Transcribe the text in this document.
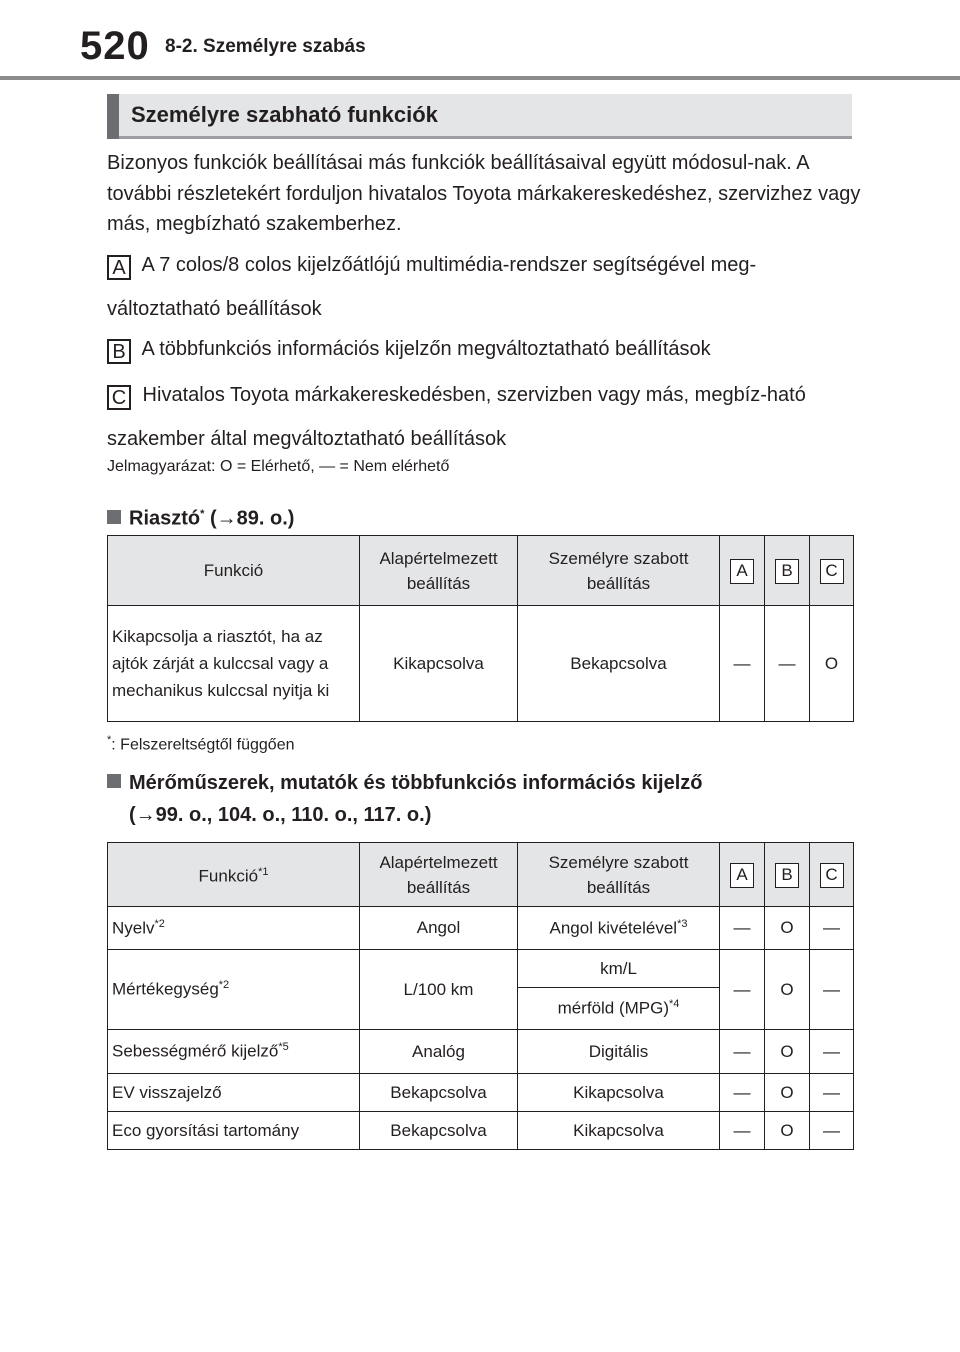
520 8-2. Személyre szabás
Személyre szabható funkciók
Bizonyos funkciók beállításai más funkciók beállításaival együtt módosul-nak. A további részletekért forduljon hivatalos Toyota márkakereskedéshez, szervizhez vagy más, megbízható szakemberhez.
A A 7 colos/8 colos kijelzőátlójú multimédia-rendszer segítségével meg-változtatható beállítások
B A többfunkciós információs kijelzőn megváltoztatható beállítások
C Hivatalos Toyota márkakereskedésben, szervizben vagy más, megbíz-ható szakember által megváltoztatható beállítások
Jelmagyarázat: O = Elérhető, — = Nem elérhető
Riasztó* (→89. o.)
Funkció	Alapértelmezett beállítás	Személyre szabott beállítás	A	B	C
Kikapcsolja a riasztót, ha az ajtók zárját a kulccsal vagy a mechanikus kulccsal nyitja ki	Kikapcsolva	Bekapcsolva	—	—	O
*: Felszereltségtől függően
Mérőműszerek, mutatók és többfunkciós információs kijelző
(→99. o., 104. o., 110. o., 117. o.)
Funkció$^{*1}$	Alapértelmezett beállítás	Személyre szabott beállítás	A	B	C
Nyelv$^{*2}$	Angol	Angol kivételével$^{*3}$	—	O	—
Mértékegység$^{*2}$	L/100 km	km/L	—	O	—
		mérföld (MPG)$^{*4}$
Sebességmérő kijelző$^{*5}$	Analóg	Digitális	—	O	—
EV visszajelző	Bekapcsolva	Kikapcsolva	—	O	—
Eco gyorsítási tartomány	Bekapcsolva	Kikapcsolva	—	O	—
